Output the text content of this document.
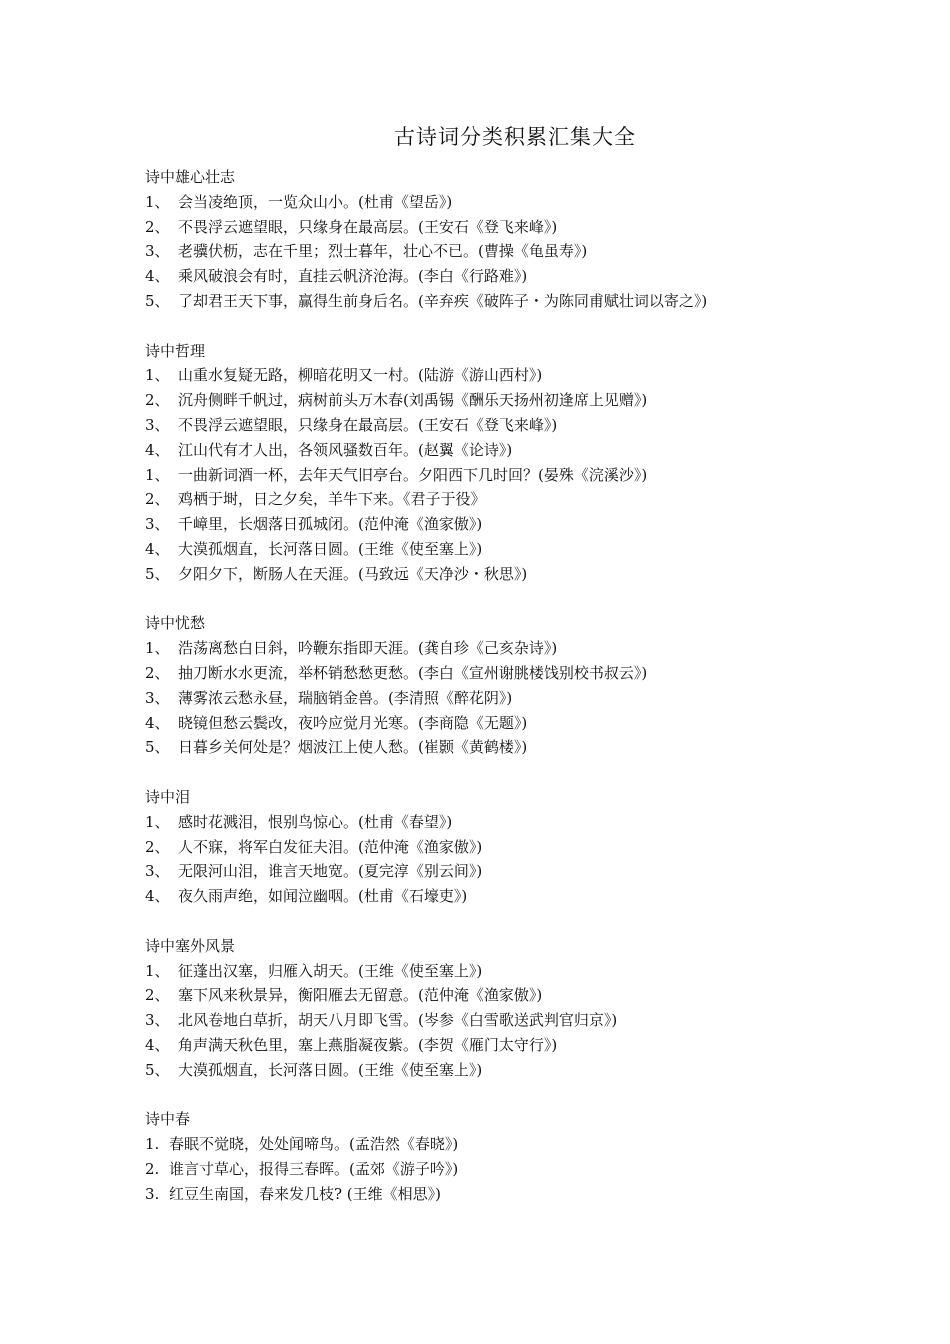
古诗词分类积累汇集大全
诗中雄心壮志
1、 会当凌绝顶，一览众山小。(杜甫《望岳》)
2、 不畏浮云遮望眼，只缘身在最高层。(王安石《登飞来峰》)
3、 老骥伏枥，志在千里；烈士暮年，壮心不已。(曹操《龟虽寿》)
4、 乘风破浪会有时，直挂云帆济沧海。(李白《行路难》)
5、 了却君王天下事，赢得生前身后名。(辛弃疾《破阵子・为陈同甫赋壮词以寄之》)
诗中哲理
1、 山重水复疑无路，柳暗花明又一村。(陆游《游山西村》)
2、 沉舟侧畔千帆过，病树前头万木春(刘禹锡《酬乐天扬州初逢席上见赠》)
3、 不畏浮云遮望眼，只缘身在最高层。(王安石《登飞来峰》)
4、 江山代有才人出，各领风骚数百年。(赵翼《论诗》)
1、 一曲新词酒一杯，去年天气旧亭台。夕阳西下几时回？(晏殊《浣溪沙》)
2、 鸡栖于埘，日之夕矣，羊牛下来。《君子于役》
3、 千嶂里，长烟落日孤城闭。(范仲淹《渔家傲》)
4、 大漠孤烟直，长河落日圆。(王维《使至塞上》)
5、 夕阳夕下，断肠人在天涯。(马致远《天净沙・秋思》)
诗中忧愁
1、 浩荡离愁白日斜，吟鞭东指即天涯。(龚自珍《己亥杂诗》)
2、 抽刀断水水更流，举杯销愁愁更愁。(李白《宣州谢朓楼饯别校书叔云》)
3、 薄雾浓云愁永昼，瑞脑销金兽。(李清照《醉花阴》)
4、 晓镜但愁云鬓改，夜吟应觉月光寒。(李商隐《无题》)
5、 日暮乡关何处是？烟波江上使人愁。(崔颢《黄鹤楼》)
诗中泪
1、 感时花溅泪，恨别鸟惊心。(杜甫《春望》)
2、 人不寐，将军白发征夫泪。(范仲淹《渔家傲》)
3、 无限河山泪，谁言天地宽。(夏完淳《别云间》)
4、 夜久雨声绝，如闻泣幽咽。(杜甫《石壕吏》)
诗中塞外风景
1、 征蓬出汉塞，归雁入胡天。(王维《使至塞上》)
2、 塞下风来秋景异，衡阳雁去无留意。(范仲淹《渔家傲》)
3、 北风卷地白草折，胡天八月即飞雪。(岑参《白雪歌送武判官归京》)
4、 角声满天秋色里，塞上燕脂凝夜紫。(李贺《雁门太守行》)
5、 大漠孤烟直，长河落日圆。(王维《使至塞上》)
诗中春
1. 春眠不觉晓，处处闻啼鸟。(孟浩然《春晓》)
2. 谁言寸草心，报得三春晖。(孟郊《游子吟》)
3. 红豆生南国，春来发几枝? (王维《相思》)
